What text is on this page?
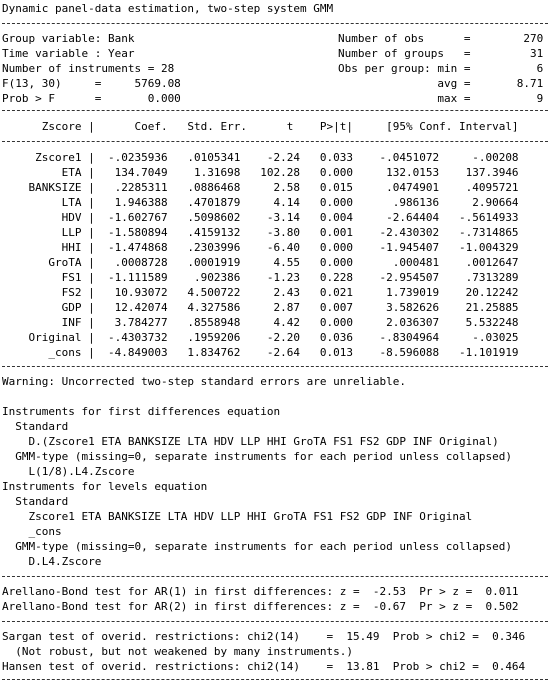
Dynamic panel-data estimation, two-step system GMM
Group variable: Bank
Time variable : Year
Number of instruments = 28
F(13, 30)     =     5769.08
Prob > F      =       0.000
Number of obs      =        270
Number of groups   =         31
Obs per group: min =          6
avg =       8.71
max =          9
Zscore |      Coef.   Std. Err.      t    P>|t|     [95% Conf. Interval]
Zscore1 |  -.0235936   .0105341    -2.24   0.033    -.0451072     -.00208
ETA |   134.7049    1.31698   102.28   0.000     132.0153    137.3946
BANKSIZE |   .2285311   .0886468     2.58   0.015     .0474901    .4095721
LTA |   1.946388   .4701879     4.14   0.000      .986136     2.90664
HDV |  -1.602767   .5098602    -3.14   0.004     -2.64404   -.5614933
LLP |  -1.580894   .4159132    -3.80   0.001    -2.430302   -.7314865
HHI |  -1.474868   .2303996    -6.40   0.000    -1.945407   -1.004329
GroTA |   .0008728   .0001919     4.55   0.000      .000481    .0012647
FS1 |  -1.111589    .902386    -1.23   0.228    -2.954507    .7313289
FS2 |   10.93072   4.500722     2.43   0.021     1.739019    20.12242
GDP |   12.42074   4.327586     2.87   0.007     3.582626    21.25885
INF |   3.784277   .8558948     4.42   0.000     2.036307    5.532248
Original |  -.4303732   .1959206    -2.20   0.036    -.8304964     -.03025
_cons |  -4.849003   1.834762    -2.64   0.013    -8.596088   -1.101919
Warning: Uncorrected two-step standard errors are unreliable.
Instruments for first differences equation
Standard
D.(Zscore1 ETA BANKSIZE LTA HDV LLP HHI GroTA FS1 FS2 GDP INF Original)
GMM-type (missing=0, separate instruments for each period unless collapsed)
L(1/8).L4.Zscore
Instruments for levels equation
Standard
Zscore1 ETA BANKSIZE LTA HDV LLP HHI GroTA FS1 FS2 GDP INF Original
_cons
GMM-type (missing=0, separate instruments for each period unless collapsed)
D.L4.Zscore
Arellano-Bond test for AR(1) in first differences: z =  -2.53  Pr > z =  0.011
Arellano-Bond test for AR(2) in first differences: z =  -0.67  Pr > z =  0.502
Sargan test of overid. restrictions: chi2(14)    =  15.49  Prob > chi2 =  0.346
(Not robust, but not weakened by many instruments.)
Hansen test of overid. restrictions: chi2(14)    =  13.81  Prob > chi2 =  0.464
